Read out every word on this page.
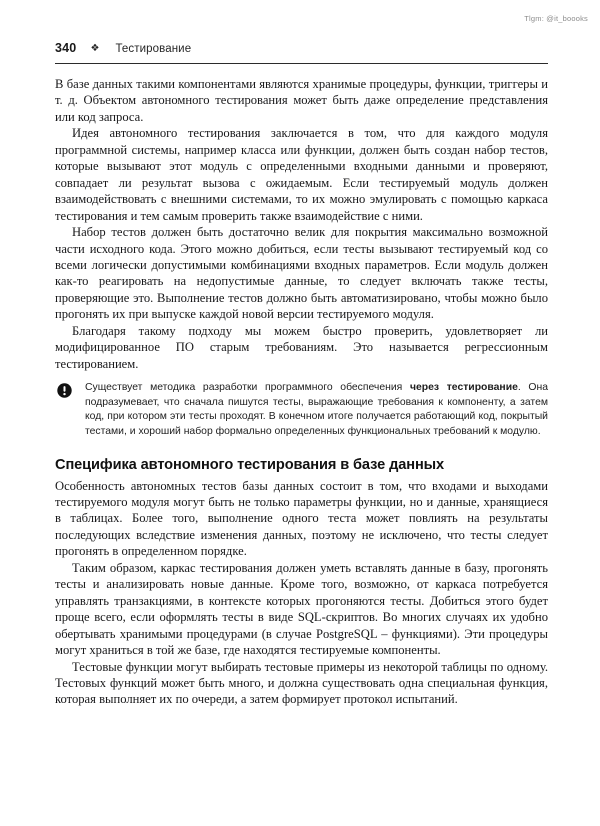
Tlgm: @it_boooks
340 ❖ Тестирование

В базе данных такими компонентами являются хранимые процедуры, функции, триггеры и т. д. Объектом автономного тестирования может быть даже определение представления или код запроса.

Идея автономного тестирования заключается в том, что для каждого модуля программной системы, например класса или функции, должен быть создан набор тестов, которые вызывают этот модуль с определенными входными данными и проверяют, совпадает ли результат вызова с ожидаемым. Если тестируемый модуль должен взаимодействовать с внешними системами, то их можно эмулировать с помощью каркаса тестирования и тем самым проверить также взаимодействие с ними.

Набор тестов должен быть достаточно велик для покрытия максимально возможной части исходного кода. Этого можно добиться, если тесты вызывают тестируемый код со всеми логически допустимыми комбинациями входных параметров. Если модуль должен как-то реагировать на недопустимые данные, то следует включать также тесты, проверяющие это. Выполнение тестов должно быть автоматизировано, чтобы можно было прогонять их при выпуске каждой новой версии тестируемого модуля.

Благодаря такому подходу мы можем быстро проверить, удовлетворяет ли модифицированное ПО старым требованиям. Это называется регрессионным тестированием.

Существует методика разработки программного обеспечения через тестирование. Она подразумевает, что сначала пишутся тесты, выражающие требования к компоненту, а затем код, при котором эти тесты проходят. В конечном итоге получается работающий код, покрытый тестами, и хороший набор формально определенных функциональных требований к модулю.

Специфика автономного тестирования в базе данных

Особенность автономных тестов базы данных состоит в том, что входами и выходами тестируемого модуля могут быть не только параметры функции, но и данные, хранящиеся в таблицах. Более того, выполнение одного теста может повлиять на результаты последующих вследствие изменения данных, поэтому не исключено, что тесты следует прогонять в определенном порядке.

Таким образом, каркас тестирования должен уметь вставлять данные в базу, прогонять тесты и анализировать новые данные. Кроме того, возможно, от каркаса потребуется управлять транзакциями, в контексте которых прогоняются тесты. Добиться этого будет проще всего, если оформлять тесты в виде SQL-скриптов. Во многих случаях их удобно обертывать хранимыми процедурами (в случае PostgreSQL – функциями). Эти процедуры могут храниться в той же базе, где находятся тестируемые компоненты.

Тестовые функции могут выбирать тестовые примеры из некоторой таблицы по одному. Тестовых функций может быть много, и должна существовать одна специальная функция, которая выполняет их по очереди, а затем формирует протокол испытаний.
